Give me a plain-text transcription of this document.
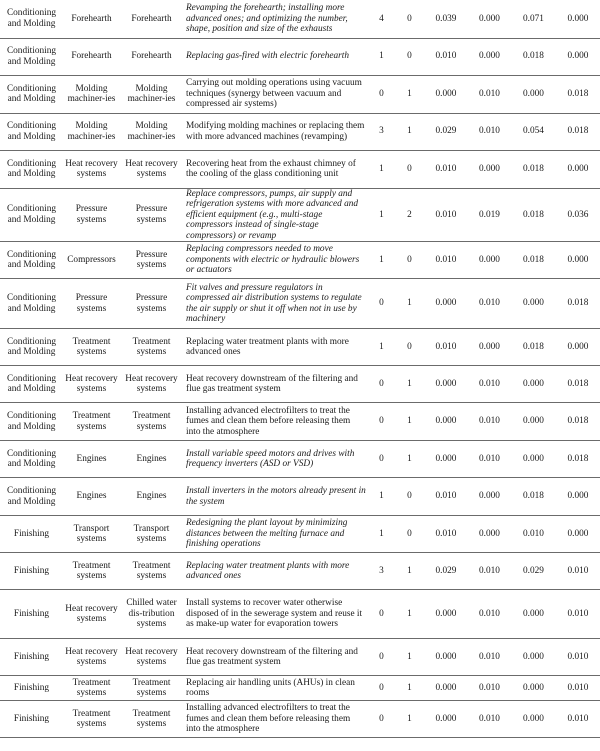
Conditioning and Molding	Forehearth	Forehearth	Revamping the forehearth; installing more advanced ones; and optimizing the number, shape, position and size of the exhausts	4	0	0.039	0.000	0.071	0.000
Conditioning and Molding	Forehearth	Forehearth	Replacing gas-fired with electric forehearth	1	0	0.010	0.000	0.018	0.000
Conditioning and Molding	Molding machiner-ies	Molding machiner-ies	Carrying out molding operations using vacuum techniques (synergy between vacuum and compressed air systems)	0	1	0.000	0.010	0.000	0.018
Conditioning and Molding	Molding machiner-ies	Molding machiner-ies	Modifying molding machines or replacing them with more advanced machines (revamping)	3	1	0.029	0.010	0.054	0.018
Conditioning and Molding	Heat recovery systems	Heat recovery systems	Recovering heat from the exhaust chimney of the cooling of the glass conditioning unit	1	0	0.010	0.000	0.018	0.000
Conditioning and Molding	Pressure systems	Pressure systems	Replace compressors, pumps, air supply and refrigeration systems with more advanced and efficient equipment (e.g., multi-stage compressors instead of single-stage compressors) or revamp	1	2	0.010	0.019	0.018	0.036
Conditioning and Molding	Compressors	Pressure systems	Replacing compressors needed to move components with electric or hydraulic blowers or actuators	1	0	0.010	0.000	0.018	0.000
Conditioning and Molding	Pressure systems	Pressure systems	Fit valves and pressure regulators in compressed air distribution systems to regulate the air supply or shut it off when not in use by machinery	0	1	0.000	0.010	0.000	0.018
Conditioning and Molding	Treatment systems	Treatment systems	Replacing water treatment plants with more advanced ones	1	0	0.010	0.000	0.018	0.000
Conditioning and Molding	Heat recovery systems	Heat recovery systems	Heat recovery downstream of the filtering and flue gas treatment system	0	1	0.000	0.010	0.000	0.018
Conditioning and Molding	Treatment systems	Treatment systems	Installing advanced electrofilters to treat the fumes and clean them before releasing them into the atmosphere	0	1	0.000	0.010	0.000	0.018
Conditioning and Molding	Engines	Engines	Install variable speed motors and drives with frequency inverters (ASD or VSD)	0	1	0.000	0.010	0.000	0.018
Conditioning and Molding	Engines	Engines	Install inverters in the motors already present in the system	1	0	0.010	0.000	0.018	0.000
Finishing	Transport systems	Transport systems	Redesigning the plant layout by minimizing distances between the melting furnace and finishing operations	1	0	0.010	0.000	0.010	0.000
Finishing	Treatment systems	Treatment systems	Replacing water treatment plants with more advanced ones	3	1	0.029	0.010	0.029	0.010
Finishing	Heat recovery systems	Chilled water dis-tribution systems	Install systems to recover water otherwise disposed of in the sewerage system and reuse it as make-up water for evaporation towers	0	1	0.000	0.010	0.000	0.010
Finishing	Heat recovery systems	Heat recovery systems	Heat recovery downstream of the filtering and flue gas treatment system	0	1	0.000	0.010	0.000	0.010
Finishing	Treatment systems	Treatment systems	Replacing air handling units (AHUs) in clean rooms	0	1	0.000	0.010	0.000	0.010
Finishing	Treatment systems	Treatment systems	Installing advanced electrofilters to treat the fumes and clean them before releasing them into the atmosphere	0	1	0.000	0.010	0.000	0.010
